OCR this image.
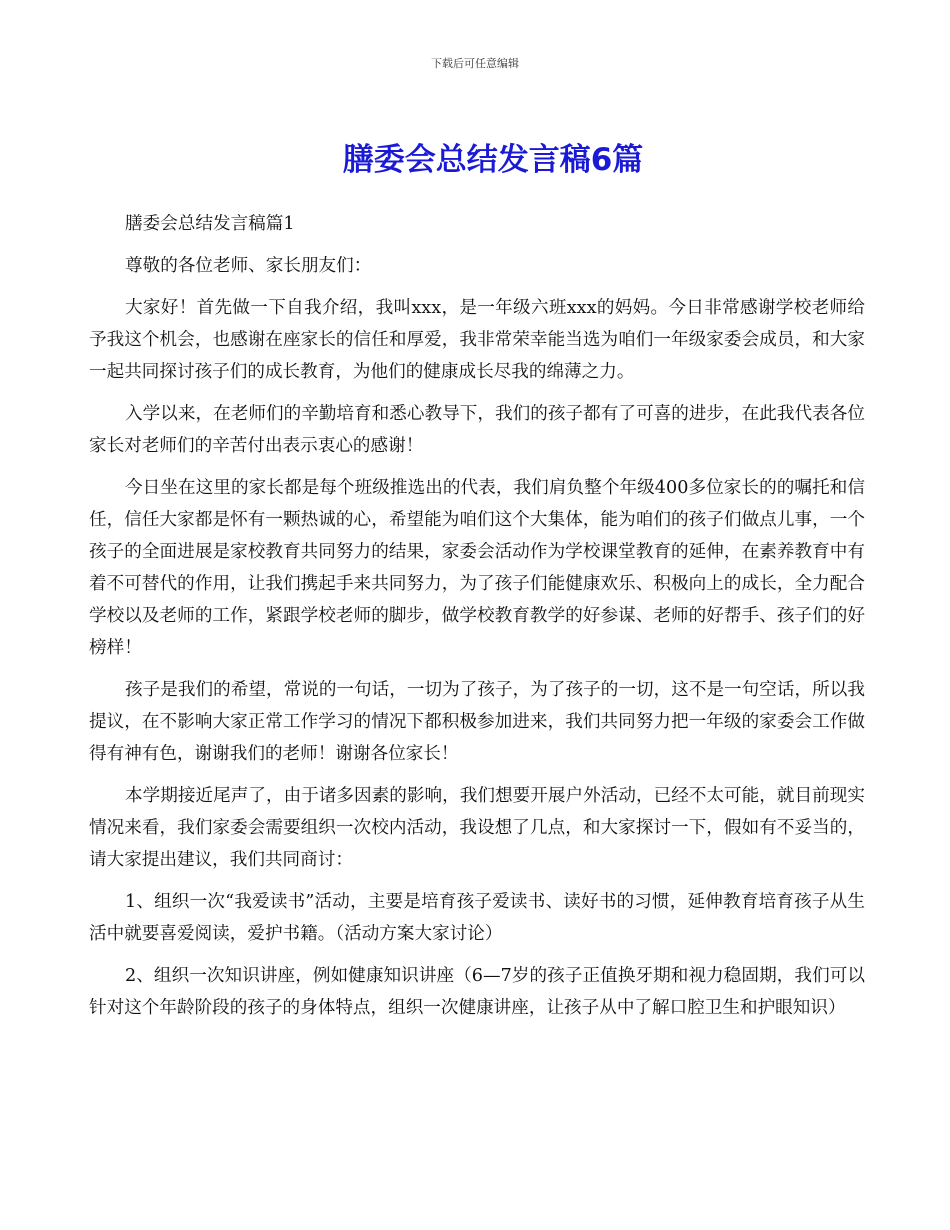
下载后可任意编辑
膳委会总结发言稿6篇

膳委会总结发言稿篇1

尊敬的各位老师、家长朋友们：

大家好！首先做一下自我介绍，我叫xxx，是一年级六班xxx的妈妈。今日非常感谢学校老师给予我这个机会，也感谢在座家长的信任和厚爱，我非常荣幸能当选为咱们一年级家委会成员，和大家一起共同探讨孩子们的成长教育，为他们的健康成长尽我的绵薄之力。

入学以来，在老师们的辛勤培育和悉心教导下，我们的孩子都有了可喜的进步，在此我代表各位家长对老师们的辛苦付出表示衷心的感谢！

今日坐在这里的家长都是每个班级推选出的代表，我们肩负整个年级400多位家长的的嘱托和信任，信任大家都是怀有一颗热诚的心，希望能为咱们这个大集体，能为咱们的孩子们做点儿事，一个孩子的全面进展是家校教育共同努力的结果，家委会活动作为学校课堂教育的延伸，在素养教育中有着不可替代的作用，让我们携起手来共同努力，为了孩子们能健康欢乐、积极向上的成长，全力配合学校以及老师的工作，紧跟学校老师的脚步，做学校教育教学的好参谋、老师的好帮手、孩子们的好榜样！

孩子是我们的希望，常说的一句话，一切为了孩子，为了孩子的一切，这不是一句空话，所以我提议，在不影响大家正常工作学习的情况下都积极参加进来，我们共同努力把一年级的家委会工作做得有神有色，谢谢我们的老师！谢谢各位家长！

本学期接近尾声了，由于诸多因素的影响，我们想要开展户外活动，已经不太可能，就目前现实情况来看，我们家委会需要组织一次校内活动，我设想了几点，和大家探讨一下，假如有不妥当的，请大家提出建议，我们共同商讨：

1、组织一次“我爱读书”活动，主要是培育孩子爱读书、读好书的习惯，延伸教育培育孩子从生活中就要喜爱阅读，爱护书籍。（活动方案大家讨论）

2、组织一次知识讲座，例如健康知识讲座（6—7岁的孩子正值换牙期和视力稳固期，我们可以针对这个年龄阶段的孩子的身体特点，组织一次健康讲座，让孩子从中了解口腔卫生和护眼知识）
